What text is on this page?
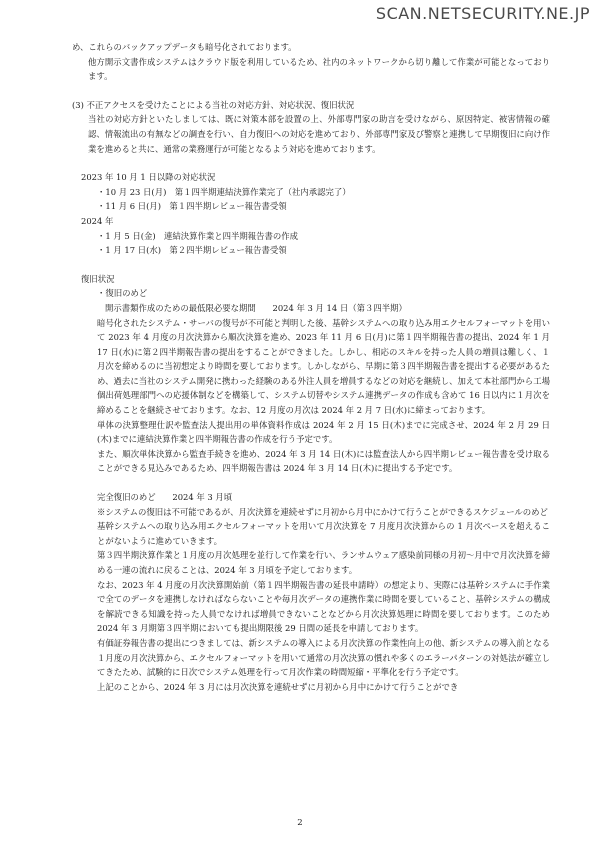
SCAN.NETSECURITY.NE.JP

め、これらのバックアップデータも暗号化されております。

他方開示文書作成システムはクラウド版を利用しているため、社内のネットワークから切り離して作業が可能となっております。

(3) 不正アクセスを受けたことによる当社の対応方針、対応状況、復旧状況

当社の対応方針といたしましては、既に対策本部を設置の上、外部専門家の助言を受けながら、原因特定、被害情報の確認、情報流出の有無などの調査を行い、自力復旧への対応を進めており、外部専門家及び警察と連携して早期復旧に向け作業を進めると共に、通常の業務運行が可能となるよう対応を進めております。

2023 年 10 月 1 日以降の対応状況

・10 月 23 日(月)　第１四半期連結決算作業完了（社内承認完了）

・11 月 6 日(月)　第１四半期レビュー報告書受領

2024 年

・1 月 5 日(金)　連結決算作業と四半期報告書の作成

・1 月 17 日(水)　第２四半期レビュー報告書受領

復旧状況

・復旧のめど

開示書類作成のための最低限必要な期間　　2024 年 3 月 14 日（第３四半期）

暗号化されたシステム・サーバの復号が不可能と判明した後、基幹システムへの取り込み用エクセルフォーマットを用いて 2023 年 4 月度の月次決算から順次決算を進め、2023 年 11 月 6 日(月)に第１四半期報告書の提出、2024 年 1 月 17 日(水)に第２四半期報告書の提出をすることができました。しかし、相応のスキルを持った人員の増員は難しく、１月次を締めるのに当初想定より時間を要しております。しかしながら、早期に第３四半期報告書を提出する必要があるため、過去に当社のシステム開発に携わった経験のある外注人員を増員するなどの対応を継続し、加えて本社部門から工場個出荷処理部門への応援体制などを構築して、システム切替やシステム連携データの作成も含めて 16 日以内に１月次を締めることを継続させております。なお、12 月度の月次は 2024 年 2 月 7 日(水)に締まっております。

単体の決算整理仕訳や監査法人提出用の単体資料作成は 2024 年 2 月 15 日(木)までに完成させ、2024 年 2 月 29 日(木)までに連結決算作業と四半期報告書の作成を行う予定です。

また、順次単体決算から監査手続きを進め、2024 年 3 月 14 日(木)には監査法人から四半期レビュー報告書を受け取ることができる見込みであるため、四半期報告書は 2024 年 3 月 14 日(木)に提出する予定です。

完全復旧のめど　　2024 年 3 月頃

※システムの復旧は不可能であるが、月次決算を連続せずに月初から月中にかけて行うことができるスケジュールのめど

基幹システムへの取り込み用エクセルフォーマットを用いて月次決算を 7 月度月次決算からの 1 月次ペースを超えることがないように進めていきます。

第３四半期決算作業と１月度の月次処理を並行して作業を行い、ランサムウェア感染前同様の月初～月中で月次決算を締める一連の流れに戻ることは、2024 年 3 月頃を予定しております。

なお、2023 年 4 月度の月次決算開始前（第１四半期報告書の延長申請時）の想定より、実際には基幹システムに手作業で全てのデータを連携しなければならないことや毎月次データの連携作業に時間を要していること、基幹システムの構成を解読できる知識を持った人員でなければ増員できないことなどから月次決算処理に時間を要しております。このため 2024 年 3 月期第３四半期においても提出期限後 29 日間の延長を申請しております。

有価証券報告書の提出につきましては、新システムの導入による月次決算の作業性向上の他、新システムの導入前となる１月度の月次決算から、エクセルフォーマットを用いて通常の月次決算の慣れや多くのエラーパターンの対処法が確立してきたため、試験的に日次でシステム処理を行って月次作業の時間短縮・平準化を行う予定です。

上記のことから、2024 年 3 月には月次決算を連続せずに月初から月中にかけて行うことができ

2
